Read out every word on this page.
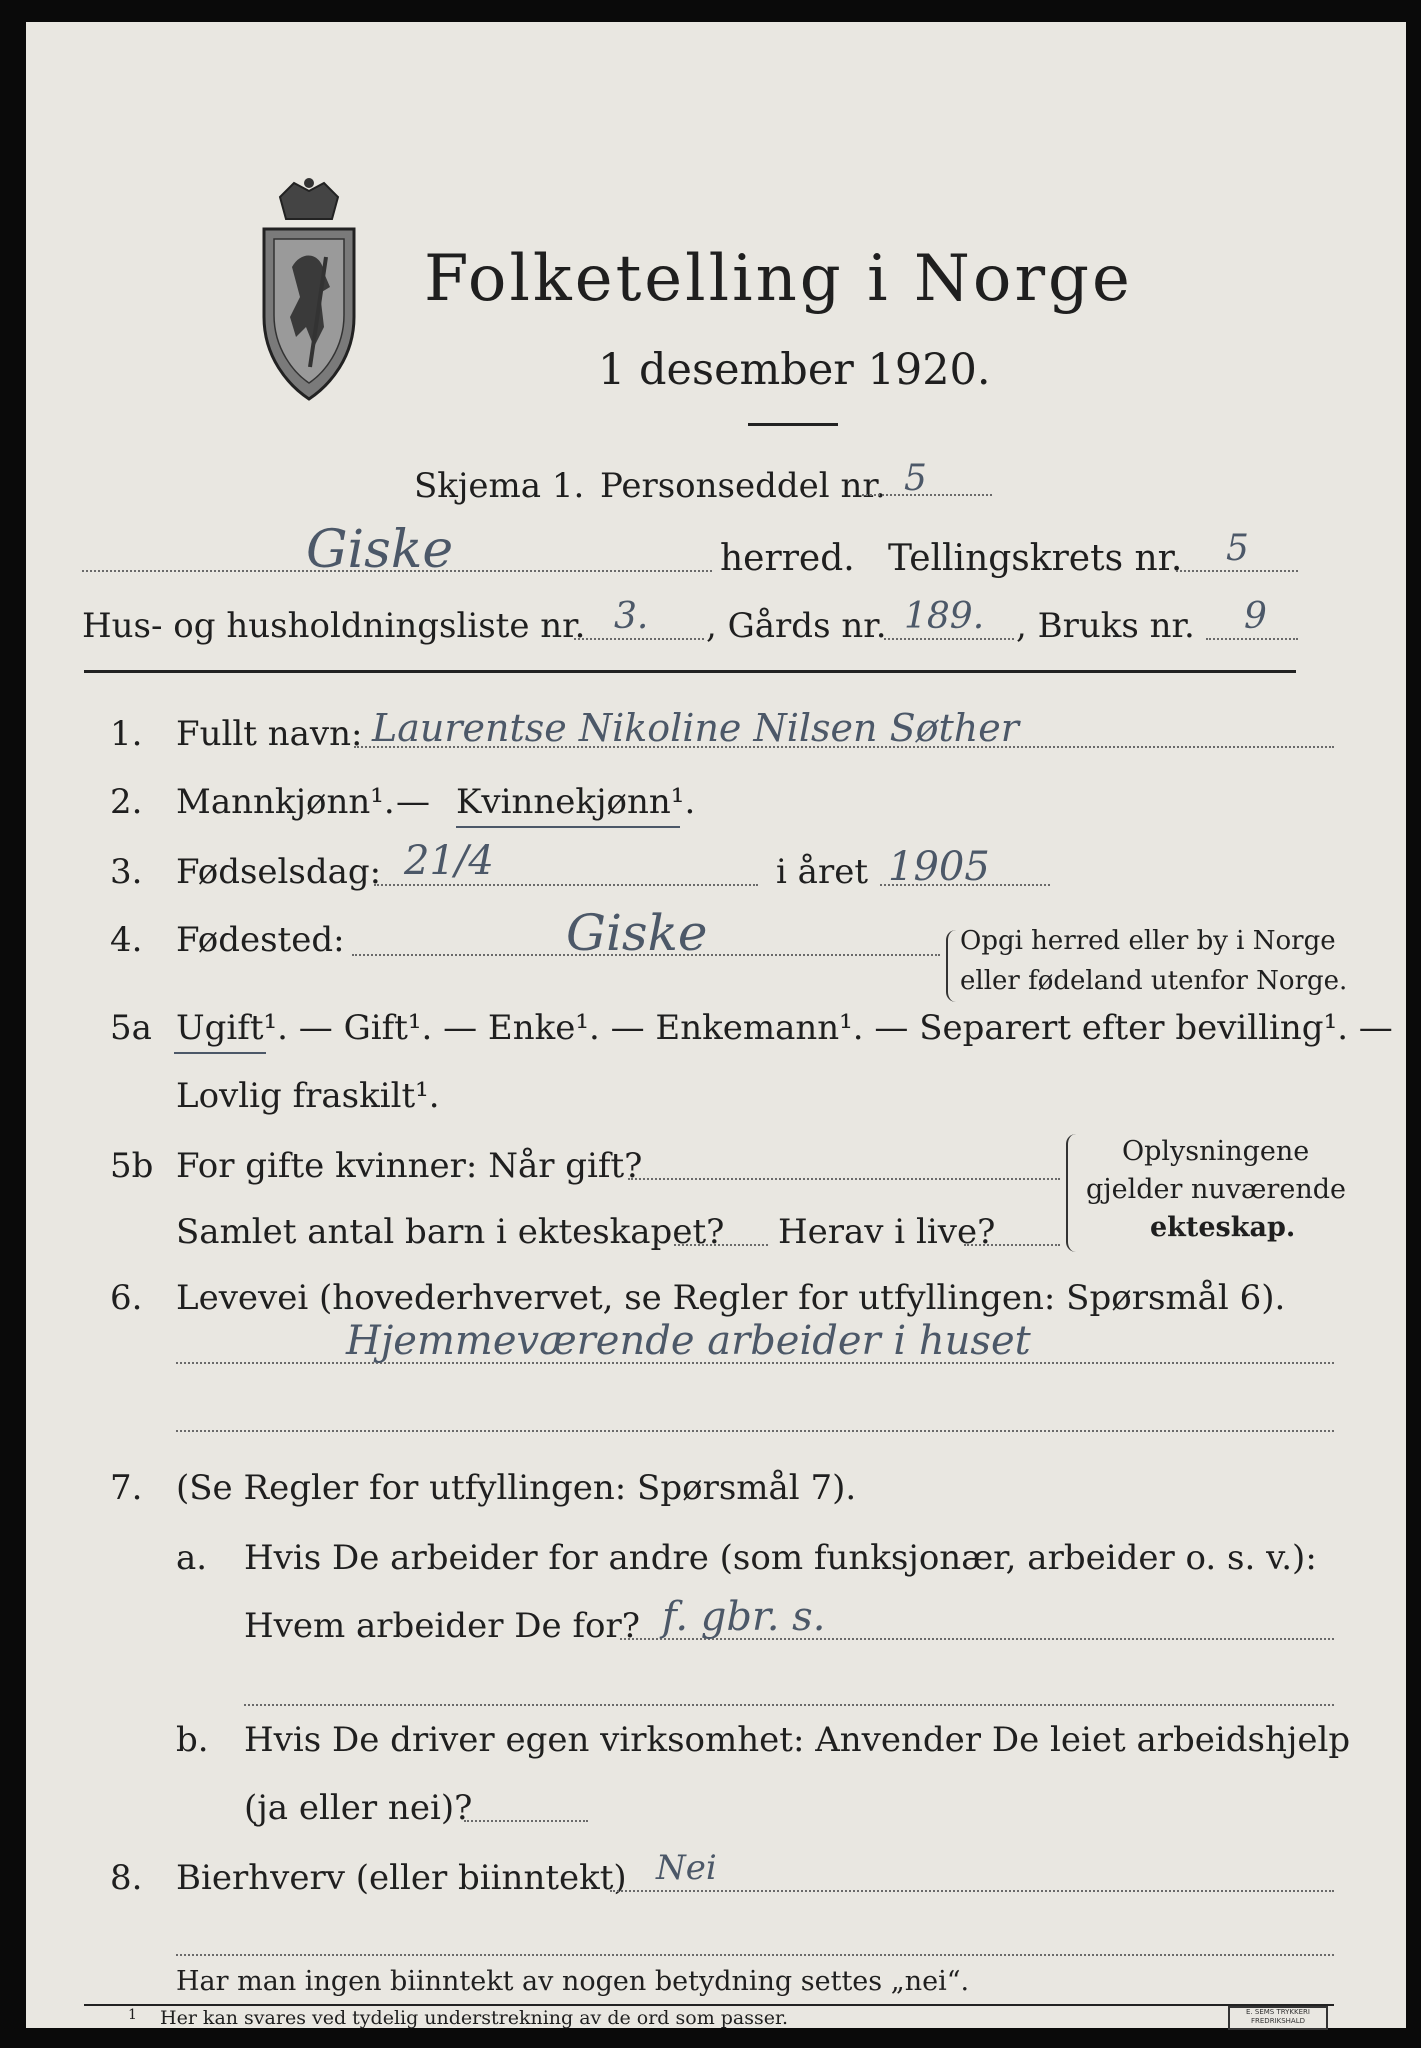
Folketelling i Norge
1 desember 1920.
Skjema 1. Personseddel nr. 5
Giske	herred. Tellingskrets nr. 5
Hus- og husholdningsliste nr. 3. , Gårds nr. 189. , Bruks nr. 9
1. Fullt navn: Laurentse Nikoline Nilsen Søther
2. Mannkjønn¹. — Kvinnekjønn¹.
3. Fødselsdag: 21/4	i året 1905
4. Fødested:	Giske	Opgi herred eller by i Norge
eller fødeland utenfor Norge.
5a Ugift¹. — Gift¹. — Enke¹. — Enkemann¹. — Separert efter bevilling¹. —
Lovlig fraskilt¹.
5b For gifte kvinner: Når gift?
Samlet antal barn i ekteskapet? Herav i live?
Oplysningene
gjelder nuværende
ekteskap.
6. Levevei (hovederhvervet, se Regler for utfyllingen: Spørsmål 6).
Hjemmeværende arbeider i huset
7. (Se Regler for utfyllingen: Spørsmål 7).
a. Hvis De arbeider for andre (som funksjonær, arbeider o. s. v.):
Hvem arbeider De for? f. gbr. s.
b. Hvis De driver egen virksomhet: Anvender De leiet arbeidshjelp
(ja eller nei)?
8. Bierhverv (eller biinntekt) Nei
Har man ingen biinntekt av nogen betydning settes „nei“.
1 Her kan svares ved tydelig understrekning av de ord som passer.	E. SEMS TRYKKERI
FREDRIKSHALD
